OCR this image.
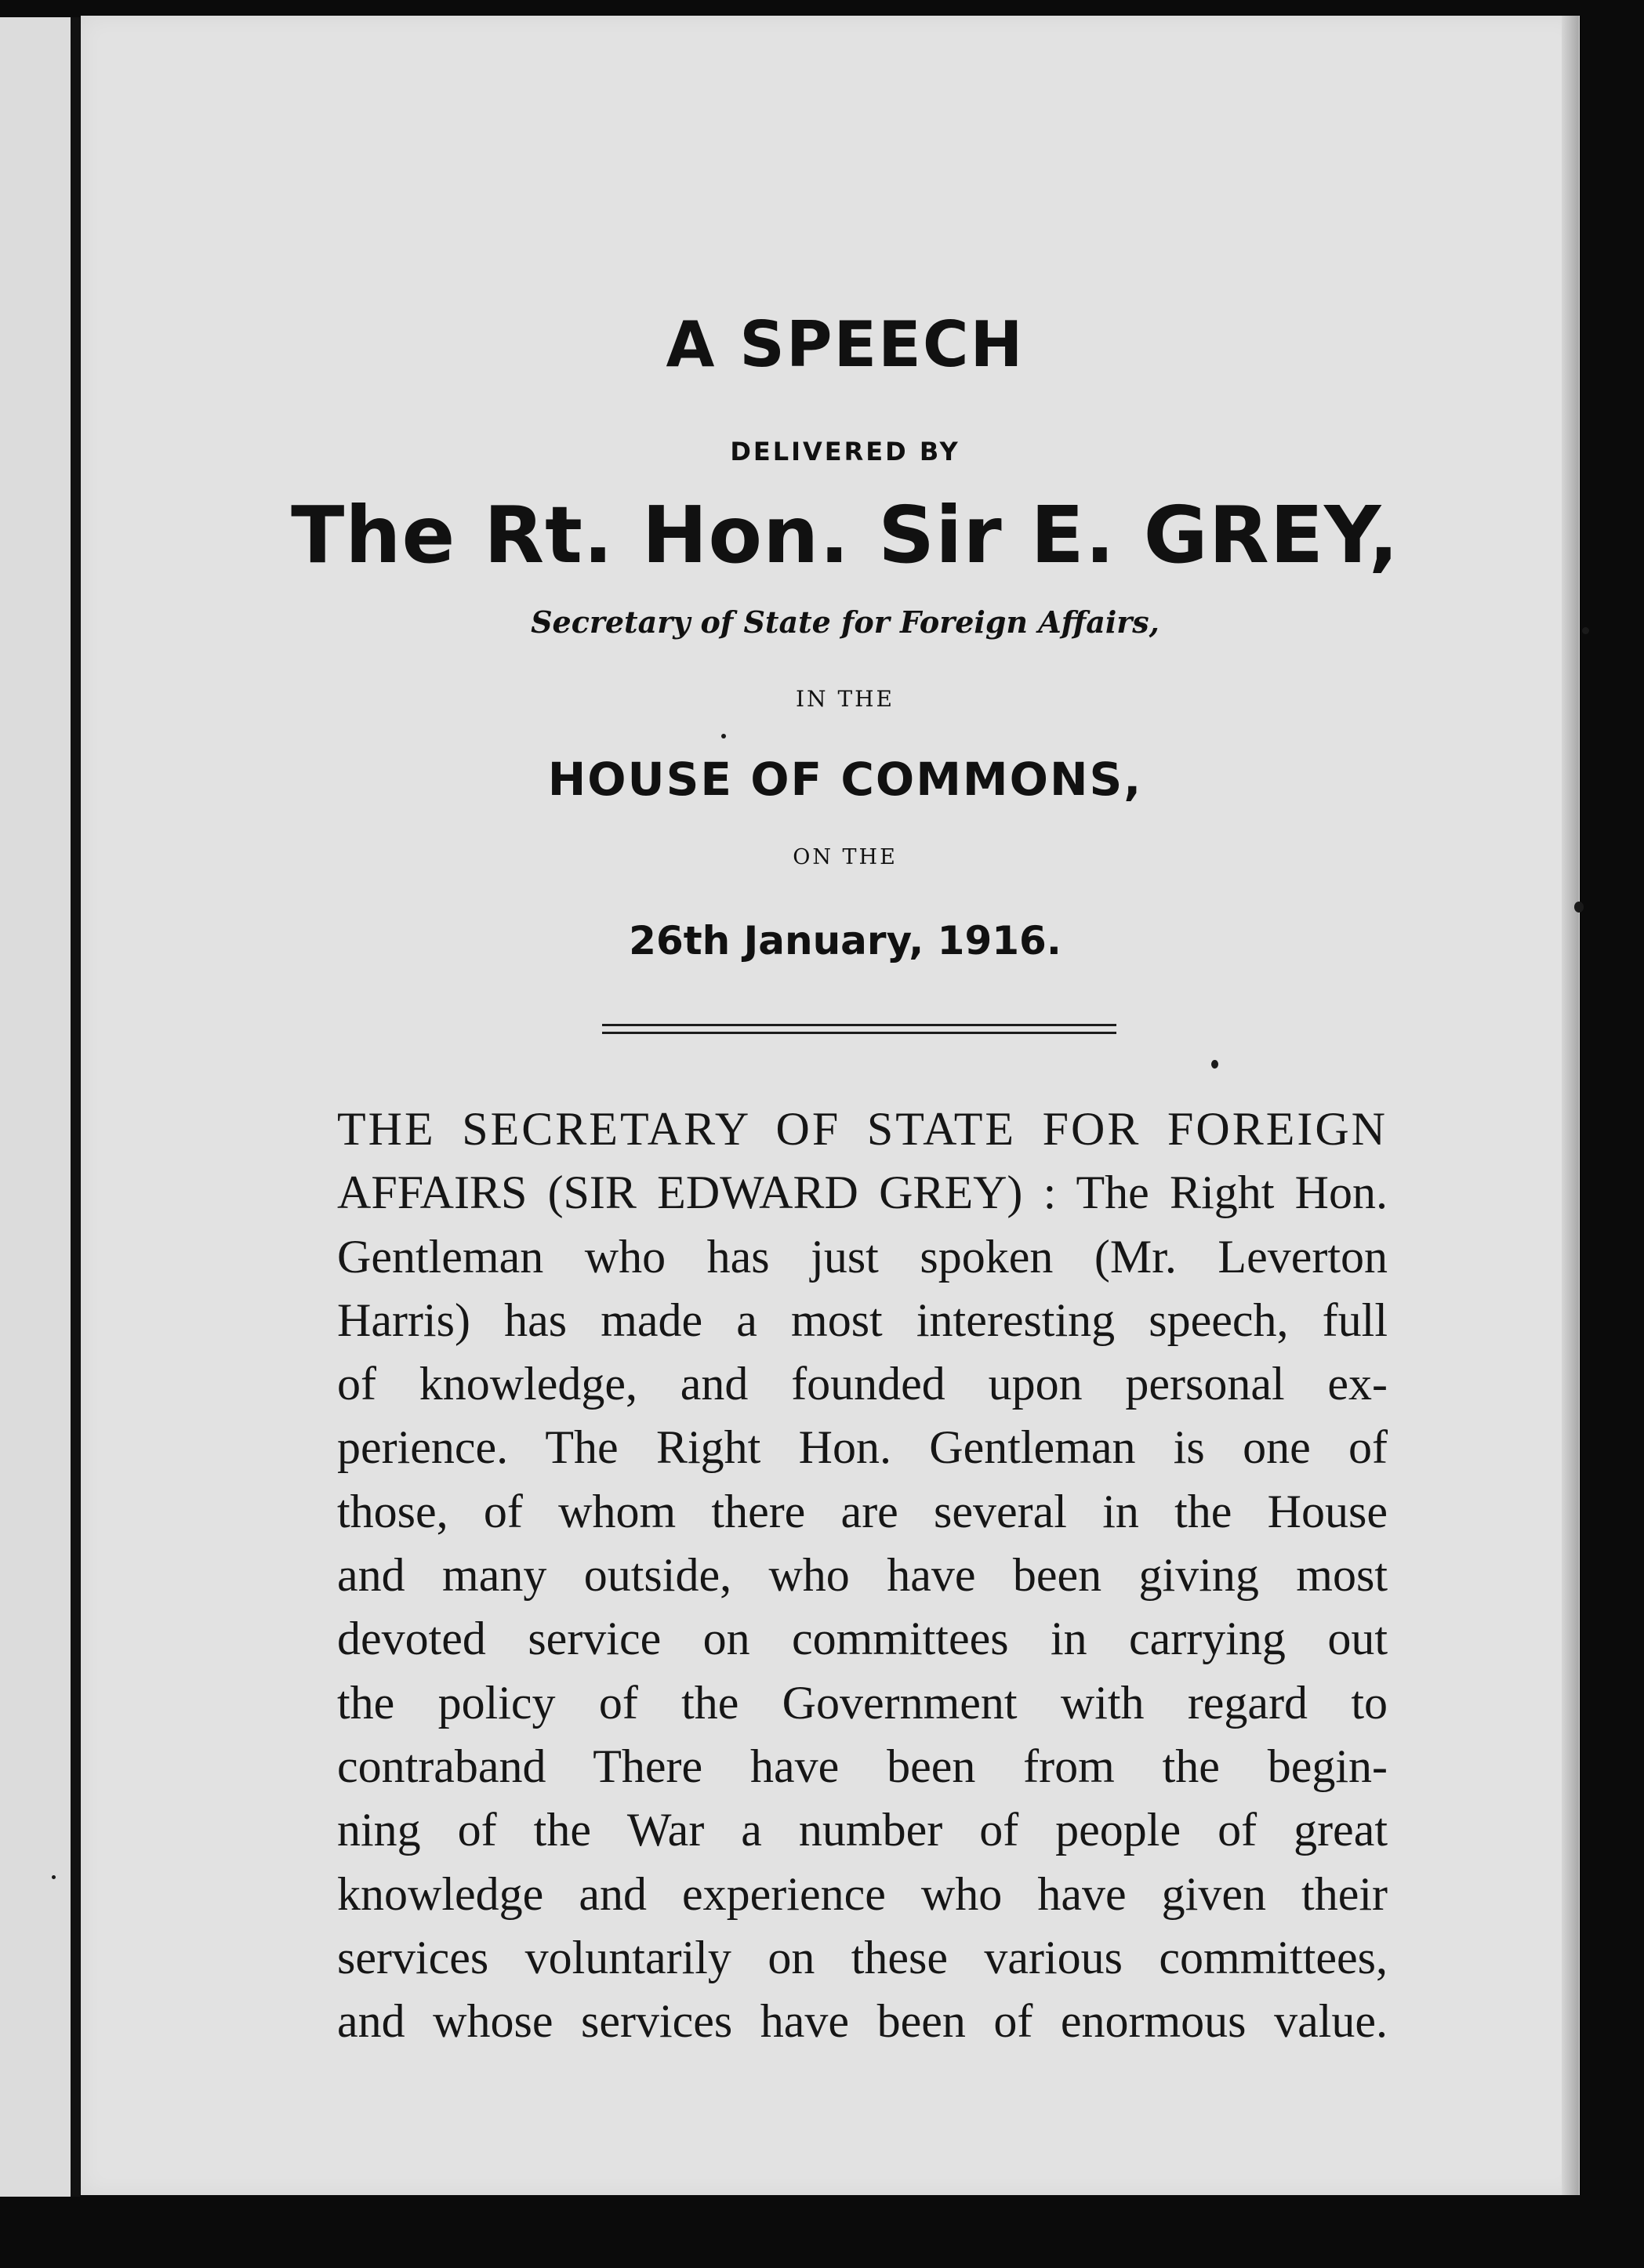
A SPEECH
DELIVERED BY
The Rt. Hon. Sir E. GREY,
Secretary of State for Foreign Affairs,
IN THE
HOUSE OF COMMONS,
ON THE
26th January, 1916.
THE SECRETARY OF STATE FOR FOREIGN
AFFAIRS (SIR EDWARD GREY) : The Right Hon.
Gentleman who has just spoken (Mr. Leverton
Harris) has made a most interesting speech, full
of knowledge, and founded upon personal ex-
perience. The Right Hon. Gentleman is one of
those, of whom there are several in the House
and many outside, who have been giving most
devoted service on committees in carrying out
the policy of the Government with regard to
contraband There have been from the begin-
ning of the War a number of people of great
knowledge and experience who have given their
services voluntarily on these various committees,
and whose services have been of enormous value.
